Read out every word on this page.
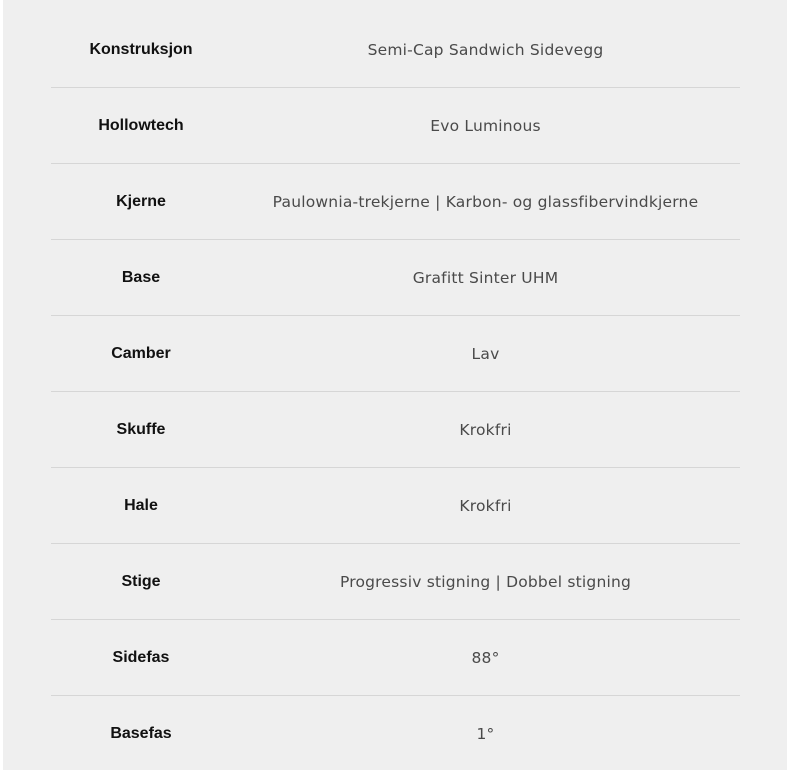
Konstruksjon	Semi-Cap Sandwich Sidevegg
Hollowtech	Evo Luminous
Kjerne	Paulownia-trekjerne | Karbon- og glassfibervindkjerne
Base	Grafitt Sinter UHM
Camber	Lav
Skuffe	Krokfri
Hale	Krokfri
Stige	Progressiv stigning | Dobbel stigning
Sidefas	88°
Basefas	1°
